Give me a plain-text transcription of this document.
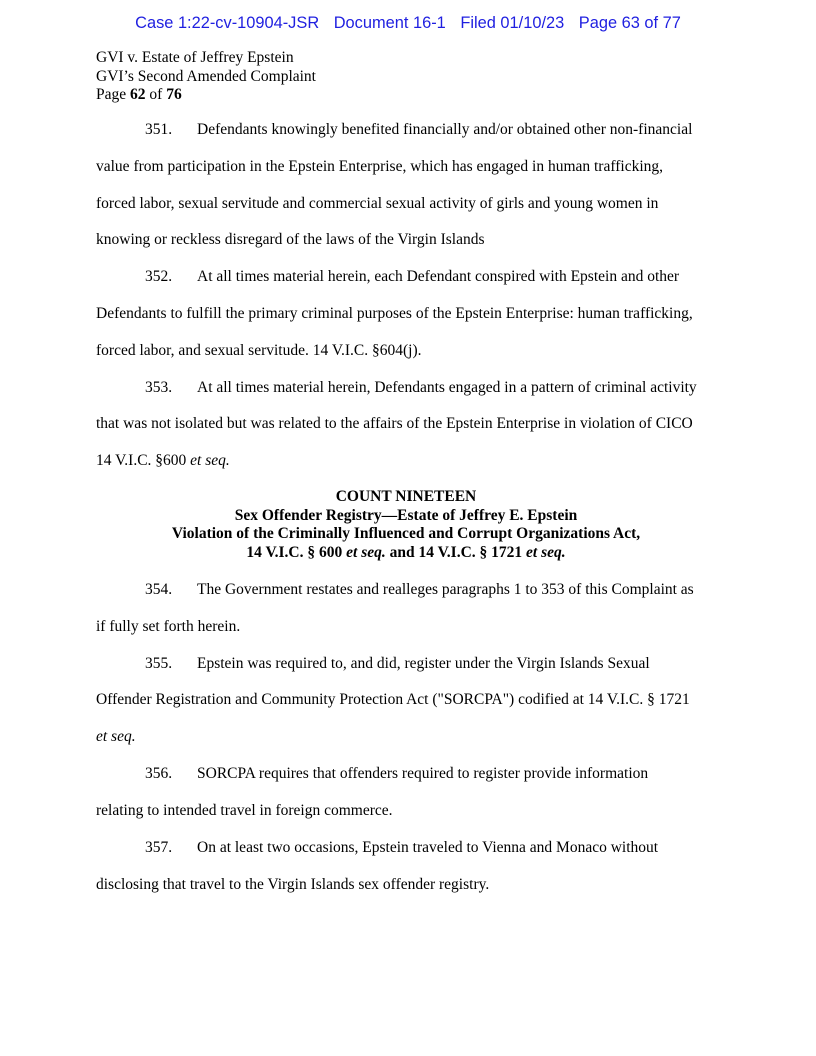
Case 1:22-cv-10904-JSR Document 16-1 Filed 01/10/23 Page 63 of 77
GVI v. Estate of Jeffrey Epstein
GVI’s Second Amended Complaint
Page 62 of 76
351. Defendants knowingly benefited financially and/or obtained other non-financial
value from participation in the Epstein Enterprise, which has engaged in human trafficking,
forced labor, sexual servitude and commercial sexual activity of girls and young women in
knowing or reckless disregard of the laws of the Virgin Islands
352. At all times material herein, each Defendant conspired with Epstein and other
Defendants to fulfill the primary criminal purposes of the Epstein Enterprise: human trafficking,
forced labor, and sexual servitude. 14 V.I.C. §604(j).
353. At all times material herein, Defendants engaged in a pattern of criminal activity
that was not isolated but was related to the affairs of the Epstein Enterprise in violation of CICO
14 V.I.C. §600 et seq.
COUNT NINETEEN
Sex Offender Registry—Estate of Jeffrey E. Epstein
Violation of the Criminally Influenced and Corrupt Organizations Act,
14 V.I.C. § 600 et seq. and 14 V.I.C. § 1721 et seq.
354. The Government restates and realleges paragraphs 1 to 353 of this Complaint as
if fully set forth herein.
355. Epstein was required to, and did, register under the Virgin Islands Sexual
Offender Registration and Community Protection Act ("SORCPA") codified at 14 V.I.C. § 1721
et seq.
356. SORCPA requires that offenders required to register provide information
relating to intended travel in foreign commerce.
357. On at least two occasions, Epstein traveled to Vienna and Monaco without
disclosing that travel to the Virgin Islands sex offender registry.
